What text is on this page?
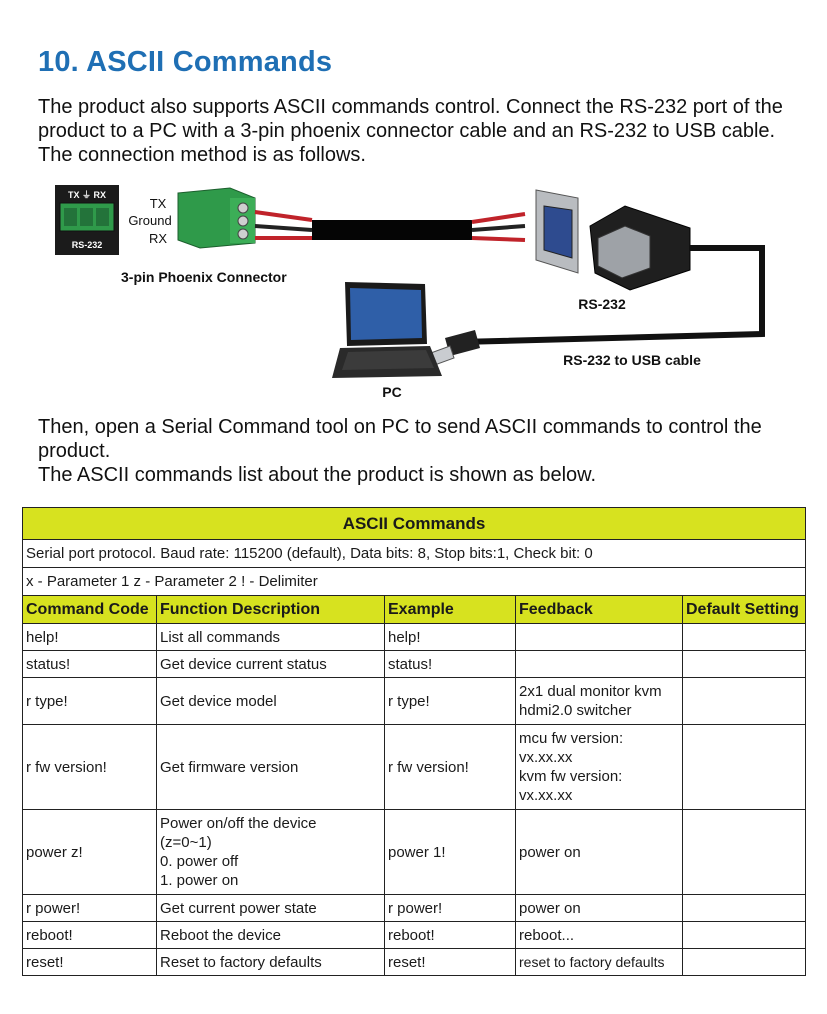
10. ASCII Commands

The product also supports ASCII commands control. Connect the RS-232 port of the product to a PC with a 3-pin phoenix connector cable and an RS-232 to USB cable. The connection method is as follows.

TX ⏚ RX
RS-232
TX
Ground
RX
3-pin Phoenix Connector
RS-232
RS-232 to USB cable
PC

Then, open a Serial Command tool on PC to send ASCII commands to control the product.
The ASCII commands list about the product is shown as below.

ASCII Commands				
Serial port protocol. Baud rate: 115200 (default), Data bits: 8, Stop bits:1, Check bit: 0				
x - Parameter 1 z - Parameter 2 ! - Delimiter				
Command Code	Function Description	Example	Feedback	Default Setting
help!	List all commands	help!		
status!	Get device current status	status!		
r type!	Get device model	r type!	2x1 dual monitor kvm
hdmi2.0 switcher	
r fw version!	Get firmware version	r fw version!	mcu fw version:
vx.xx.xx
kvm fw version:
vx.xx.xx	
power z!	Power on/off the device
(z=0~1)
0. power off
1. power on	power 1!	power on	
r power!	Get current power state	r power!	power on	
reboot!	Reboot the device	reboot!	reboot...	
reset!	Reset to factory defaults	reset!	reset to factory defaults	
